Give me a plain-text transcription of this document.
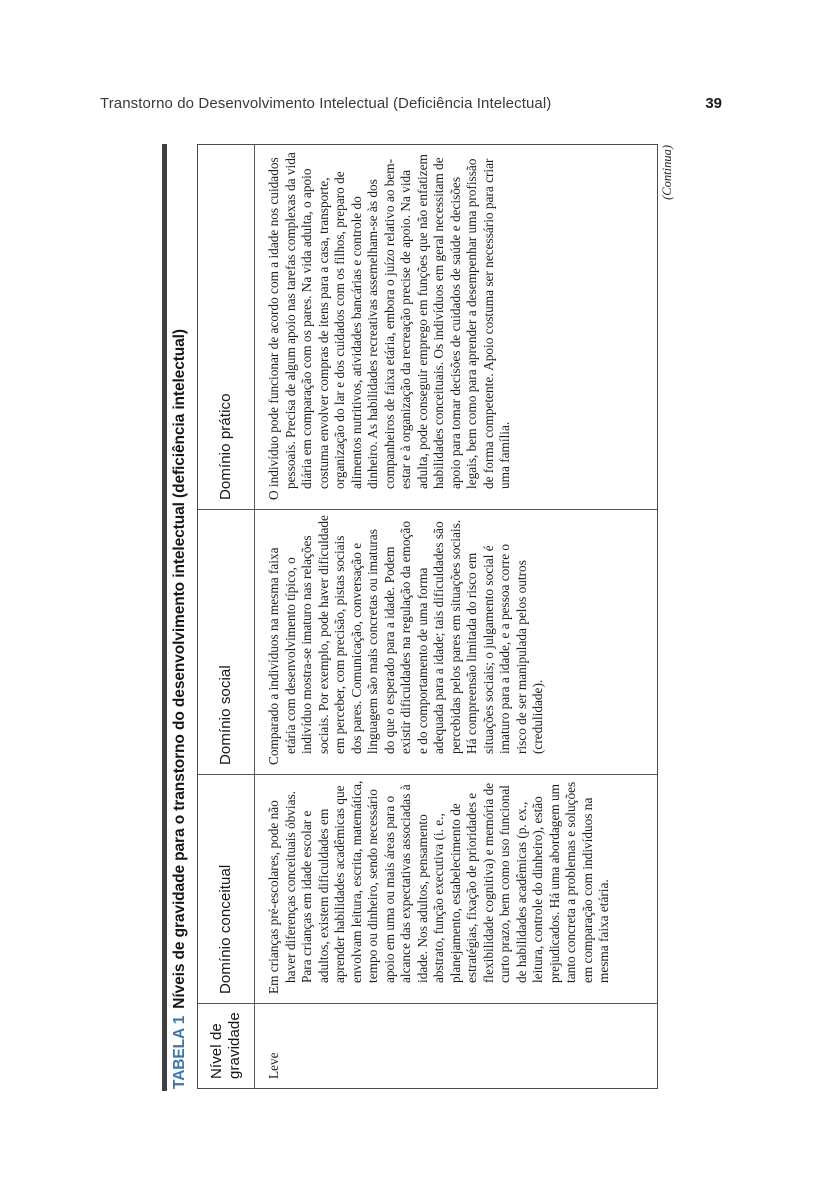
Transtorno do Desenvolvimento Intelectual (Deficiência Intelectual)	39
TABELA 1Níveis de gravidade para o transtorno do desenvolvimento intelectual (deficiência intelectual)
Nível de gravidade
Domínio conceitual
Domínio social
Domínio prático

Leve

Em crianças pré-escolares, pode não haver diferenças conceituais óbvias. Para crianças em idade escolar e adultos, existem dificuldades em aprender habilidades acadêmicas que envolvam leitura, escrita, matemática, tempo ou dinheiro, sendo necessário apoio em uma ou mais áreas para o alcance das expectativas associadas à idade. Nos adultos, pensamento abstrato, função executiva (i. e., planejamento, estabelecimento de estratégias, fixação de prioridades e flexibilidade cognitiva) e memória de curto prazo, bem como uso funcional de habilidades acadêmicas (p. ex., leitura, controle do dinheiro), estão prejudicados. Há uma abordagem um tanto concreta a problemas e soluções em comparação com indivíduos na mesma faixa etária.

Comparado a indivíduos na mesma faixa etária com desenvolvimento típico, o indivíduo mostra-se imaturo nas relações sociais. Por exemplo, pode haver dificuldade em perceber, com precisão, pistas sociais dos pares. Comunicação, conversação e linguagem são mais concretas ou imaturas do que o esperado para a idade. Podem existir dificuldades na regulação da emoção e do comportamento de uma forma adequada para a idade; tais dificuldades são percebidas pelos pares em situações sociais. Há compreensão limitada do risco em situações sociais; o julgamento social é imaturo para a idade, e a pessoa corre o risco de ser manipulada pelos outros (credulidade).

O indivíduo pode funcionar de acordo com a idade nos cuidados pessoais. Precisa de algum apoio nas tarefas complexas da vida diária em comparação com os pares. Na vida adulta, o apoio costuma envolver compras de itens para a casa, transporte, organização do lar e dos cuidados com os filhos, preparo de alimentos nutritivos, atividades bancárias e controle do dinheiro. As habilidades recreativas assemelham-se às dos companheiros de faixa etária, embora o juízo relativo ao bem-estar e à organização da recreação precise de apoio. Na vida adulta, pode conseguir emprego em funções que não enfatizem habilidades conceituais. Os indivíduos em geral necessitam de apoio para tomar decisões de cuidados de saúde e decisões legais, bem como para aprender a desempenhar uma profissão de forma competente. Apoio costuma ser necessário para criar uma família.

(Continua)
